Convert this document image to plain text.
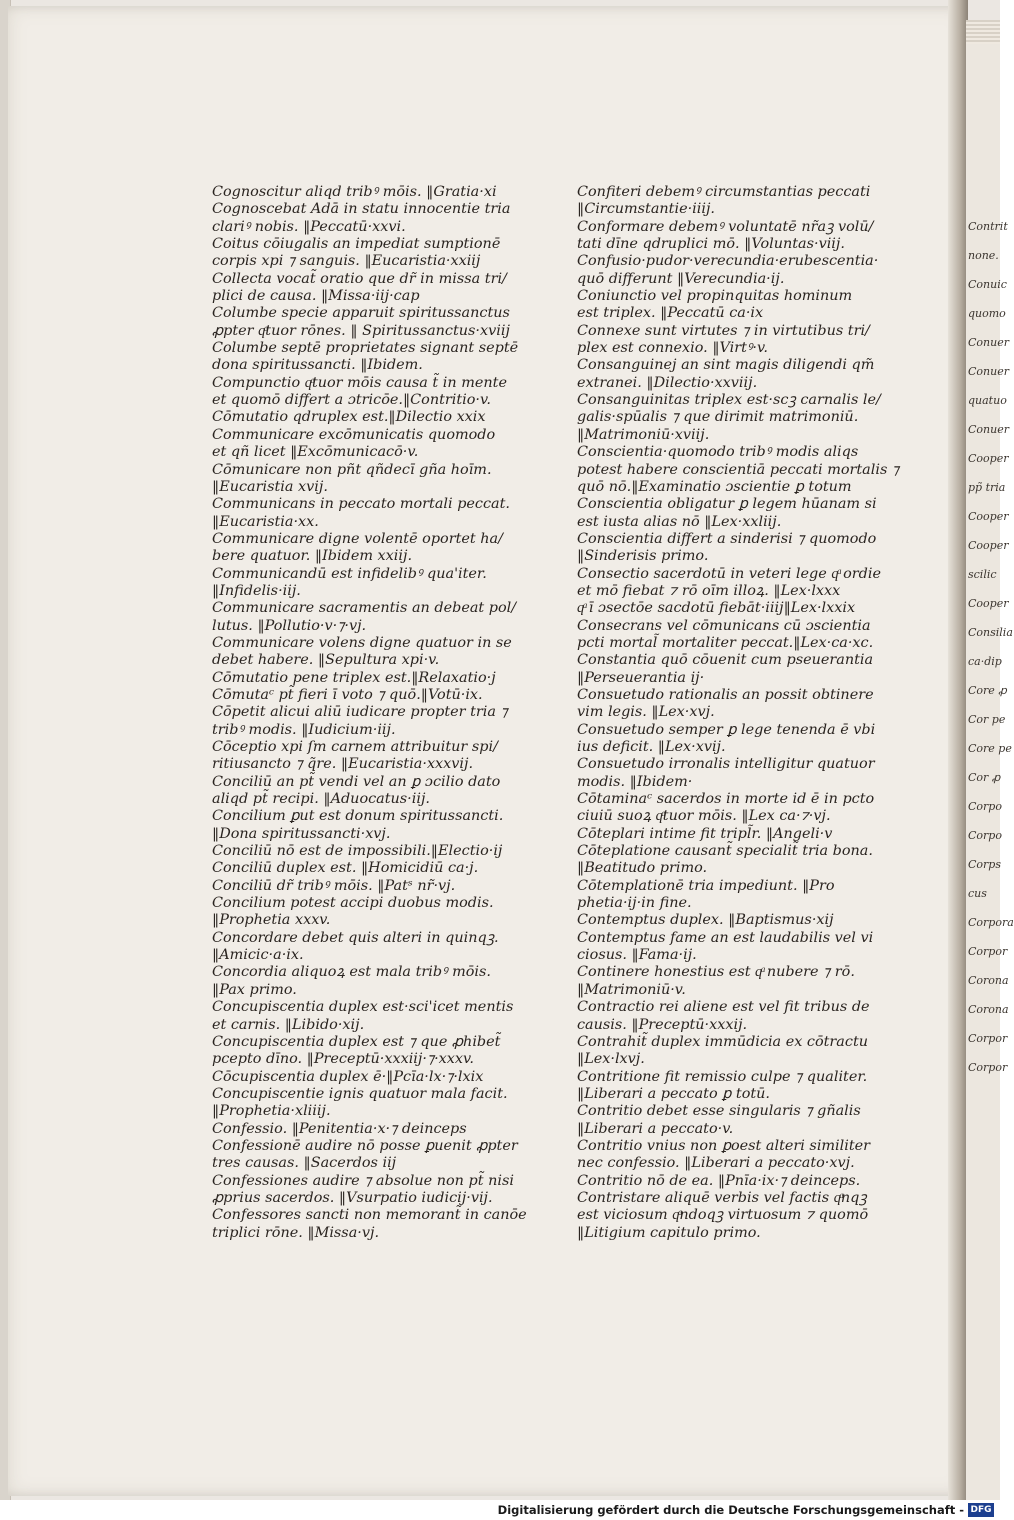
Contrit
none.
Conuic
quomo
Conuer
Conuer
quatuo
Conuer
Cooper
pp̃ tria
Cooper
Cooper
scilic
Cooper
Consilia
ca·dip
Core ꝓ
Cor pe
Core pe
Cor ꝓ
Corpo
Corpo
Corps
cus
Corpora
Corpor
Corona
Corona
Corpor
Corpor
Cognoscitur aliqd tribꝰ mōis. ‖Gratia·xi
Cognoscebat Adā in statu innocentie tria
clariꝰ nobis. ‖Peccatū·xxvi.
Coitus cōiugalis an impediat sumptionē
corpis xpi ⁊ sanguis. ‖Eucaristia·xxiij
Collecta vocat̃ oratio que dr̃ in missa tri/
plici de causa. ‖Missa·iij·cap
Columbe specie apparuit spiritussanctus
ꝓpter qͣtuor rōnes. ‖ Spiritussanctus·xviij
Columbe septē proprietates signant septē
dona spiritussancti. ‖Ibidem.
Compunctio qͣtuor mōis causa t̃ in mente
et quomō differt a ɔtricōe.‖Contritio·v.
Cōmutatio qdruplex est.‖Dilectio xxix
Communicare excōmunicatis quomodo
et qñ licet ‖Excōmunicacō·v.
Cōmunicare non pñt qñdecī gña hoīm.
‖Eucaristia xvij.
Communicans in peccato mortali peccat.
‖Eucaristia·xx.
Communicare digne volentē oportet ha/
bere quatuor. ‖Ibidem xxiij.
Communicandū est infidelibꝰ qua'iter.
‖Infidelis·iij.
Communicare sacramentis an debeat pol/
lutus. ‖Pollutio·v·⁊·vj.
Communicare volens digne quatuor in se
debet habere. ‖Sepultura xpi·v.
Cōmutatio pene triplex est.‖Relaxatio·j
Cōmutaᶜ pt̃ fieri ī voto ⁊ quō.‖Votū·ix.
Cōpetit alicui aliū iudicare propter tria ⁊
tribꝰ modis. ‖Iudicium·iij.
Cōceptio xpi ſm carnem attribuitur spi/
ritiusancto ⁊ q̃re. ‖Eucaristia·xxxvij.
Conciliū an pt̃ vendi vel an ꝑ ɔcilio dato
aliqd pt̃ recipi. ‖Aduocatus·iij.
Concilium ꝑut est donum spiritussancti.
‖Dona spiritussancti·xvj.
Conciliū nō est de impossibili.‖Electio·ij
Conciliū duplex est. ‖Homicidiū ca·j.
Conciliū dr̃ tribꝰ mōis. ‖Patˢ nr̃·vj.
Concilium potest accipi duobus modis.
‖Prophetia xxxv.
Concordare debet quis alteri in quinqꝫ.
‖Amicic·a·ix.
Concordia aliquoꝝ est mala tribꝰ mōis.
‖Pax primo.
Concupiscentia duplex est·sci'icet mentis
et carnis. ‖Libido·xij.
Concupiscentia duplex est ⁊ que ꝓhibet̃
pcepto dīno. ‖Preceptū·xxxiij·⁊·xxxv.
Cōcupiscentia duplex ē·‖Pcīa·lx·⁊·lxix
Concupiscentie ignis quatuor mala facit.
‖Prophetia·xliiij.
Confessio. ‖Penitentia·x·⁊ deinceps
Confessionē audire nō posse ꝑuenit ꝓpter
tres causas. ‖Sacerdos iij
Confessiones audire ⁊ absolue non pt̃ nisi
ꝓprius sacerdos. ‖Vsurpatio iudicij·vij.
Confessores sancti non memorant̃ in canōe
triplici rōne. ‖Missa·vj.
Confiteri debemꝰ circumstantias peccati
‖Circumstantie·iiij.
Conformare debemꝰ voluntatē nr̃aꝫ volū/
tati dīne qdruplici mō. ‖Voluntas·viij.
Confusio·pudor·verecundia·erubescentia·
quō differunt ‖Verecundia·ij.
Coniunctio vel propinquitas hominum
est triplex. ‖Peccatū ca·ix
Connexe sunt virtutes ⁊ in virtutibus tri/
plex est connexio. ‖Virtꝰ·v.
Consanguinej an sint magis diligendi qm̃
extranei. ‖Dilectio·xxviij.
Consanguinitas triplex est·scꝫ carnalis le/
galis·spūalis ⁊ que dirimit matrimoniū.
‖Matrimoniū·xviij.
Conscientia·quomodo tribꝰ modis aliqs
potest habere conscientiā peccati mortalis ⁊
quō nō.‖Examinatio ɔscientie ꝑ totum
Conscientia obligatur ꝑ legem hūanam si
est iusta alias nō ‖Lex·xxliij.
Conscientia differt a sinderisi ⁊ quomodo
‖Sinderisis primo.
Consectio sacerdotū in veteri lege qͣ ordie
et mō fiebat ⁊ rō oīm illoꝝ. ‖Lex·lxxx
qͣ ī ɔsectōe sacdotū fiebāt·iiij‖Lex·lxxix
Consecrans vel cōmunicans cū ɔscientia
pcti mortal̃ mortaliter peccat.‖Lex·ca·xc.
Constantia quō cōuenit cum pseuerantia
‖Perseuerantia ij·
Consuetudo rationalis an possit obtinere
vim legis. ‖Lex·xvj.
Consuetudo semper ꝑ lege tenenda ē vbi
ius deficit. ‖Lex·xvij.
Consuetudo irronalis intelligitur quatuor
modis. ‖Ibidem·
Cōtaminaᶜ sacerdos in morte id ē in pcto
ciuiū suoꝝ qͣtuor mōis. ‖Lex ca·⁊·vj.
Cōteplari intime fit tripl̃r. ‖Angeli·v
Cōteplatione causant̃ specialit̃ tria bona.
‖Beatitudo primo.
Cōtemplationē tria impediunt. ‖Pro
phetia·ij·in fine.
Contemptus duplex. ‖Baptismus·xij
Contemptus fame an est laudabilis vel vi
ciosus. ‖Fama·ij.
Continere honestius est qͣ nubere ⁊ rō.
‖Matrimoniū·v.
Contractio rei aliene est vel fit tribus de
causis. ‖Preceptū·xxxij.
Contrahit̃ duplex immūdicia ex cōtractu
‖Lex·lxvj.
Contritione fit remissio culpe ⁊ qualiter.
‖Liberari a peccato ꝑ totū.
Contritio debet esse singularis ⁊ gñalis
‖Liberari a peccato·v.
Contritio vnius non ꝑoest alteri similiter
nec confessio. ‖Liberari a peccato·xvj.
Contritio nō de ea. ‖Pnīa·ix·⁊ deinceps.
Contristare aliquē verbis vel factis qͣnqꝫ
est viciosum qͣndoqꝫ virtuosum ⁊ quomō
‖Litigium capitulo primo.
Digitalisierung gefördert durch die Deutsche Forschungsgemeinschaft - DFG
